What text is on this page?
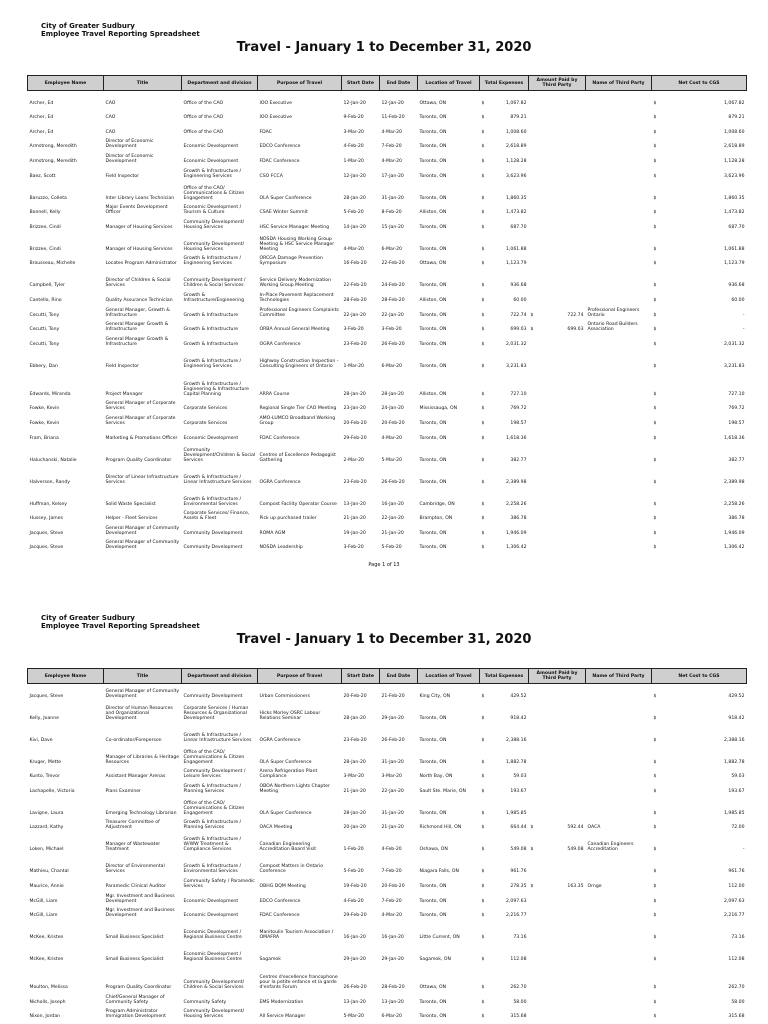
City of Greater Sudbury
Employee Travel Reporting Spreadsheet
Travel - January 1 to December 31, 2020
Employee Name	Title	Department and division	Purpose of Travel	Start Date	End Date	Location of Travel	Total Expenses	Amount Paid by Third Party	Name of Third Party	Net Cost to CGS
Archer, Ed	CAO	Office of the CAO	IOO Executive	12-Jan-20	12-Jan-20	Ottawa, ON	$ 1,067.82			$ 1,067.82

Archer, Ed	CAO	Office of the CAO	IOO Executive	9-Feb-20	11-Feb-20	Toronto, ON	$ 879.21			$ 879.21

Archer, Ed	CAO	Office of the CAO	FDAC	3-Mar-20	4-Mar-20	Toronto, ON	$ 1,008.60			$ 1,008.60

Armstrong, Meredith	Director of Economic Development	Economic Development	EDCO Conference	4-Feb-20	7-Feb-20	Toronto, ON	$ 2,618.89			$ 2,618.89

Armstrong, Meredith	Director of Economic Development	Economic Development	FDAC Conference	1-Mar-20	4-Mar-20	Toronto, ON	$ 1,128.28			$ 1,128.28

Baez, Scott	Field Inspector	Growth & Infrastructure / Engineering Services	CSO FCCA	12-Jan-20	17-Jan-20	Toronto, ON	$ 3,623.96			$ 3,623.96

Baruzzo, Colleta	Inter Library Loans Technician	Office of the CAO/ Communications & Citizen Engagement	OLA Super Conference	28-Jan-20	31-Jan-20	Toronto, ON	$ 1,860.35			$ 1,860.35

Bonnell, Kelly	Major Events Development Officer	Economic Development / Tourism & Culture	CSAE Winter Summit	5-Feb-20	8-Feb-20	Alliston, ON	$ 1,473.82			$ 1,473.82

Brizzee, Cindi	Manager of Housing Services	Community Development/ Housing Services	HSC Service Manager Meeting	14-Jan-20	15-Jan-20	Toronto, ON	$ 687.70			$ 687.70

Brizzee, Cindi	Manager of Housing Services	Community Development/ Housing Services	NOSDA Housing Working Group Meeting & HSC Service Manager Meeting	4-Mar-20	6-Mar-20	Toronto, ON	$ 1,061.88			$ 1,061.88

Brousseau, Michelle	Locates Program Administrator	Growth & Infrastructure / Engineering Services	ORCGA Damage Prevention Symposium	16-Feb-20	22-Feb-20	Ottawa, ON	$ 1,123.79			$ 1,123.79

Campbell, Tyler	Director of Children & Social Services	Community Development / Children & Social Services	Service Delivery Modernization Working Group Meeting	22-Feb-20	24-Feb-20	Toronto, ON	$ 936.68			$ 936.68

Cantello, Rino	Quality Assurance Technician	Growth & Infrastructure/Engineering	In-Place Pavement Replacement Technologies	28-Feb-20	28-Feb-20	Alliston, ON	$ 60.00			$ 60.00

Cecutti, Tony	General Manager, Growth & Infrastructure	Growth & Infrastructure	Professional Engineers Complaints Committee	22-Jan-20	22-Jan-20	Toronto, ON	$ 722.74	$ 722.74	Professional Engineers Ontario	$ -

Cecutti, Tony	General Manager Growth & Infrastructure	Growth & Infrastructure	ORBA Annual General Meeting	3-Feb-20	3-Feb-20	Toronto, ON	$ 699.03	$ 699.03	Ontario Road Builders Association	$ -

Cecutti, Tony	General Manager Growth & Infrastructure	Growth & Infrastructure	OGRA Conference	23-Feb-20	26-Feb-20	Toronto, ON	$ 2,031.32			$ 2,031.32

Ebbery, Dan	Field Inspector	Growth & Infrastructure / Engineering Services	Highway Construction Inspection - Consulting Engineers of Ontario	1-Mar-20	6-Mar-20	Toronto, ON	$ 3,231.83			$ 3,231.83

Edwards, Miranda	Project Manager	Growth & Infrastructure / Engineering & Infrastructure Capital Planning	ARRA Course	28-Jan-20	28-Jan-20	Alliston, ON	$ 727.10			$ 727.10

Fowke, Kevin	General Manager of Corporate Services	Corporate Services	Regional Single Tier CAO Meeting	23-Jan-20	24-Jan-20	Mississauga, ON	$ 769.72			$ 769.72

Fowke, Kevin	General Manager of Corporate Services	Corporate Services	AMO-LUMCO Broadband Working Group	20-Feb-20	20-Feb-20	Toronto, ON	$ 198.57			$ 198.57

Fram, Briana	Marketing & Promotions Officer	Economic Development	FDAC Conference	29-Feb-20	4-Mar-20	Toronto, ON	$ 1,618.36			$ 1,618.36

Haluchanski, Natalie	Program Quality Coordinator	Community Development/Children & Social Services	Centres of Excellence Pedagogist Gathering	2-Mar-20	5-Mar-20	Toronto, ON	$ 382.77			$ 382.77

Halverson, Randy	Director of Linear Infrastructure Services	Growth & Infrastructure / Linear Infrastructure Services	OGRA Conference	23-Feb-20	26-Feb-20	Toronto, ON	$ 2,389.98			$ 2,389.98

Huffman, Kelsey	Solid Waste Specialist	Growth & Infrastructure / Environmental Services	Compost Facility Operator Course	13-Jan-20	16-Jan-20	Cambridge, ON	$ 2,258.26			$ 2,258.26

Hussey, James	Helper - Fleet Services	Corporate Services/ Finance, Assets & Fleet	Pick up purchased trailer	21-Jan-20	22-Jan-20	Brampton, ON	$ 386.78			$ 386.78

Jacques, Steve	General Manager of Community Development	Community Development	ROMA AGM	19-Jan-20	21-Jan-20	Toronto, ON	$ 1,946.09			$ 1,946.09

Jacques, Steve	General Manager of Community Development	Community Development	NOSDA Leadership	3-Feb-20	5-Feb-20	Toronto, ON	$ 1,306.42			$ 1,306.42
Page 1 of 13
City of Greater Sudbury
Employee Travel Reporting Spreadsheet
Travel - January 1 to December 31, 2020
Employee Name	Title	Department and division	Purpose of Travel	Start Date	End Date	Location of Travel	Total Expenses	Amount Paid by Third Party	Name of Third Party	Net Cost to CGS
Jacques, Steve	General Manager of Community Development	Community Development	Urban Commissioners	20-Feb-20	21-Feb-20	King City, ON	$ 429.52			$ 429.52

Kelly, Joanne	Director of Human Resources and Organizational Development	Corporate Services / Human Resources & Organizational Development	Hicks Morley OSRC Labour Relations Seminar	28-Jan-20	29-Jan-20	Toronto, ON	$ 918.42			$ 918.42

Kivi, Dave	Co-ordinator/Foreperson	Growth & Infrastructure / Linear Infrastructure Services	OGRA Conference	23-Feb-20	26-Feb-20	Toronto, ON	$ 2,388.16			$ 2,388.16

Kruger, Mette	Manager of Libraries & Heritage Resources	Office of the CAO/ Communications & Citizen Engagement	OLA Super Conference	28-Jan-20	31-Jan-20	Toronto, ON	$ 1,882.78			$ 1,882.78

Kunto, Trevor	Assistant Manager Arenas	Community Development / Leisure Services	Arena Refrigeration Plant Compliance	3-Mar-20	3-Mar-20	North Bay, ON	$ 59.03			$ 59.03

Lachapelle, Victoria	Plans Examiner	Growth & Infrastructure / Planning Services	OBOA Northern Lights Chapter Meeting	21-Jan-20	22-Jan-20	Sault Ste. Marie, ON	$ 193.67			$ 193.67

Lavigne, Laura	Emerging Technology Librarian	Office of the CAO/ Communications & Citizen Engagement	OLA Super Conference	28-Jan-20	31-Jan-20	Toronto, ON	$ 1,985.85			$ 1,985.85

Lazzard, Kathy	Treasurer Committee of Adjustment	Growth & Infrastructure / Planning Services	OACA Meeting	20-Jan-20	21-Jan-20	Richmond Hill, ON	$ 664.44	$ 592.44	OACA	$ 72.00

Loken, Michael	Manager of Wastewater Treatment	Growth & Infrastructure / W/WW Treatment & Compliance Services	Canadian Engineering Accreditation Board Visit	1-Feb-20	4-Feb-20	Oshawa, ON	$ 549.08	$ 549.08	Canadian Engineers Accreditation	$ -

Mathieu, Chantal	Director of Environmental Services	Growth & Infrastructure / Environmental Services	Compost Matters in Ontario Conference	5-Feb-20	7-Feb-20	Niagara Falls, ON	$ 961.76			$ 961.76

Maurice, Annie	Paramedic Clinical Auditor	Community Safety / Paramedic Services	OBHG DQM Meeting	19-Feb-20	20-Feb-20	Toronto, ON	$ 278.35	$ 163.35	Ornge	$ 112.00

McGill, Liam	Mgr. Investment and Business Development	Economic Development	EDCO Conference	4-Feb-20	7-Feb-20	Toronto, ON	$ 2,097.63			$ 2,097.63

McGill, Liam	Mgr. Investment and Business Development	Economic Development	FDAC Conference	29-Feb-20	4-Mar-20	Toronto, ON	$ 2,216.77			$ 2,216.77

McKee, Kristen	Small Business Specialist	Economic Development / Regional Business Centre	Manitoulin Tourism Association / OMAFRA	16-Jan-20	16-Jan-20	Little Current, ON	$ 73.16			$ 73.16

McKee, Kristen	Small Business Specialist	Economic Development / Regional Business Centre	Sagamok	29-Jan-20	29-Jan-20	Sagamok, ON	$ 112.08			$ 112.08

Moulton, Melissa	Program Quality Coordinator	Community Development/ Children & Social Services	Centres d'excellence francophone pour la petite enfance et la garde d'enfants Forum	26-Feb-20	28-Feb-20	Ottawa, ON	$ 262.70			$ 262.70

Nicholls, Joseph	Chief/General Manager of Community Safety	Community Safety	EMS Modernization	13-Jan-20	13-Jan-20	Toronto, ON	$ 58.00			$ 58.00

Nixon, Jordan	Program Administrator Immigration Development	Community Development/ Housing Services	All Service Manager	5-Mar-20	6-Mar-20	Toronto, ON	$ 315.68			$ 315.68
